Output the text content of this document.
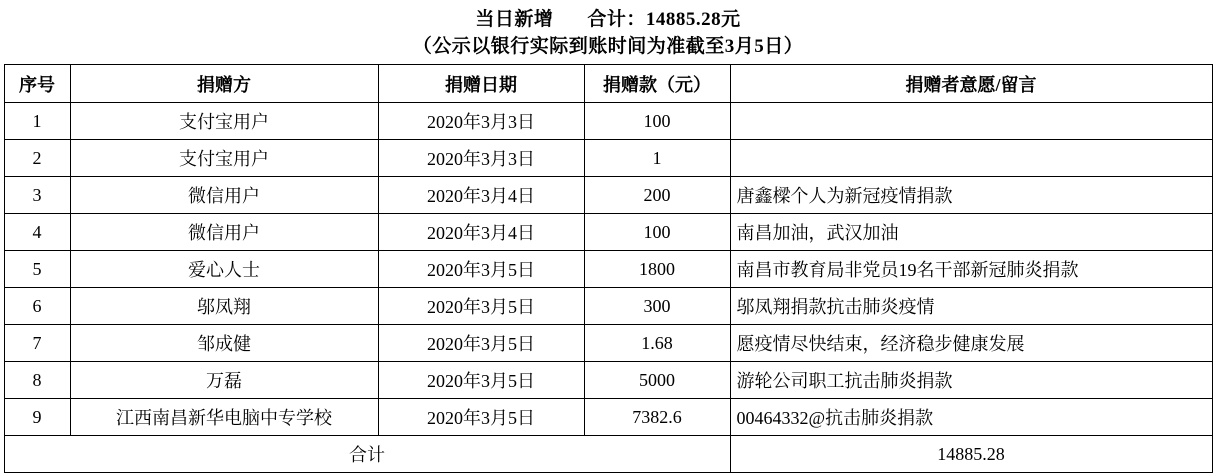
当日新增 合计：14885.28元
（公示以银行实际到账时间为准截至3月5日）
序号	捐赠方	捐赠日期	捐赠款（元）	捐赠者意愿/留言
1	支付宝用户	2020年3月3日	100	
2	支付宝用户	2020年3月3日	1	
3	微信用户	2020年3月4日	200	唐鑫樑个人为新冠疫情捐款
4	微信用户	2020年3月4日	100	南昌加油，武汉加油
5	爱心人士	2020年3月5日	1800	南昌市教育局非党员19名干部新冠肺炎捐款
6	邬凤翔	2020年3月5日	300	邬凤翔捐款抗击肺炎疫情
7	邹成健	2020年3月5日	1.68	愿疫情尽快结束，经济稳步健康发展
8	万磊	2020年3月5日	5000	游轮公司职工抗击肺炎捐款
9	江西南昌新华电脑中专学校	2020年3月5日	7382.6	00464332@抗击肺炎捐款
合计				14885.28
